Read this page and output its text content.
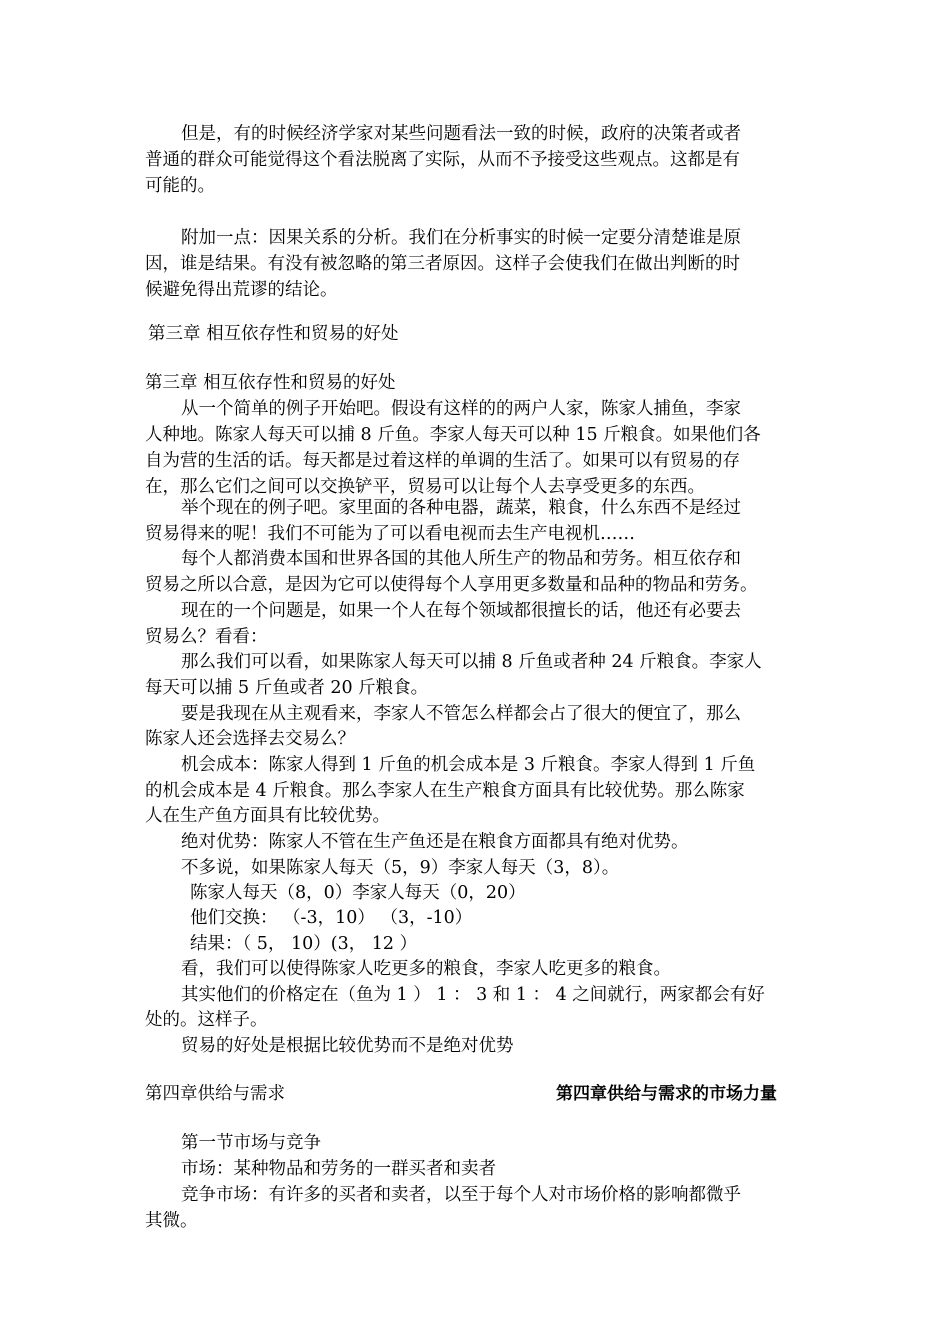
但是，有的时候经济学家对某些问题看法一致的时候，政府的决策者或者
普通的群众可能觉得这个看法脱离了实际，从而不予接受这些观点。这都是有
可能的。
附加一点：因果关系的分析。我们在分析事实的时候一定要分清楚谁是原
因，谁是结果。有没有被忽略的第三者原因。这样子会使我们在做出判断的时
候避免得出荒谬的结论。
第三章 相互依存性和贸易的好处
第三章 相互依存性和贸易的好处
从一个简单的例子开始吧。假设有这样的的两户人家，陈家人捕鱼，李家
人种地。陈家人每天可以捕 8 斤鱼。李家人每天可以种 15 斤粮食。如果他们各
自为营的生活的话。每天都是过着这样的单调的生活了。如果可以有贸易的存
在，那么它们之间可以交换铲平，贸易可以让每个人去享受更多的东西。
举个现在的例子吧。家里面的各种电器，蔬菜，粮食，什么东西不是经过
贸易得来的呢！我们不可能为了可以看电视而去生产电视机……
每个人都消费本国和世界各国的其他人所生产的物品和劳务。相互依存和
贸易之所以合意，是因为它可以使得每个人享用更多数量和品种的物品和劳务。
现在的一个问题是，如果一个人在每个领域都很擅长的话，他还有必要去
贸易么？看看：
那么我们可以看，如果陈家人每天可以捕 8 斤鱼或者种 24 斤粮食。李家人
每天可以捕 5 斤鱼或者 20 斤粮食。
要是我现在从主观看来，李家人不管怎么样都会占了很大的便宜了，那么
陈家人还会选择去交易么？
机会成本：陈家人得到 1 斤鱼的机会成本是 3 斤粮食。李家人得到 1 斤鱼
的机会成本是 4 斤粮食。那么李家人在生产粮食方面具有比较优势。那么陈家
人在生产鱼方面具有比较优势。
绝对优势：陈家人不管在生产鱼还是在粮食方面都具有绝对优势。
不多说，如果陈家人每天（5，9）李家人每天（3，8）。
陈家人每天（8，0）李家人每天（0，20）
他们交换： （-3，10） （3，-10）
结果：（ 5， 10）(3， 12 ）
看，我们可以使得陈家人吃更多的粮食，李家人吃更多的粮食。
其实他们的价格定在（鱼为 1 ） 1 ： 3 和 1 ： 4 之间就行，两家都会有好
处的。这样子。
贸易的好处是根据比较优势而不是绝对优势
第四章供给与需求	第四章供给与需求的市场力量
第一节市场与竞争
市场：某种物品和劳务的一群买者和卖者
竞争市场：有许多的买者和卖者，以至于每个人对市场价格的影响都微乎
其微。
